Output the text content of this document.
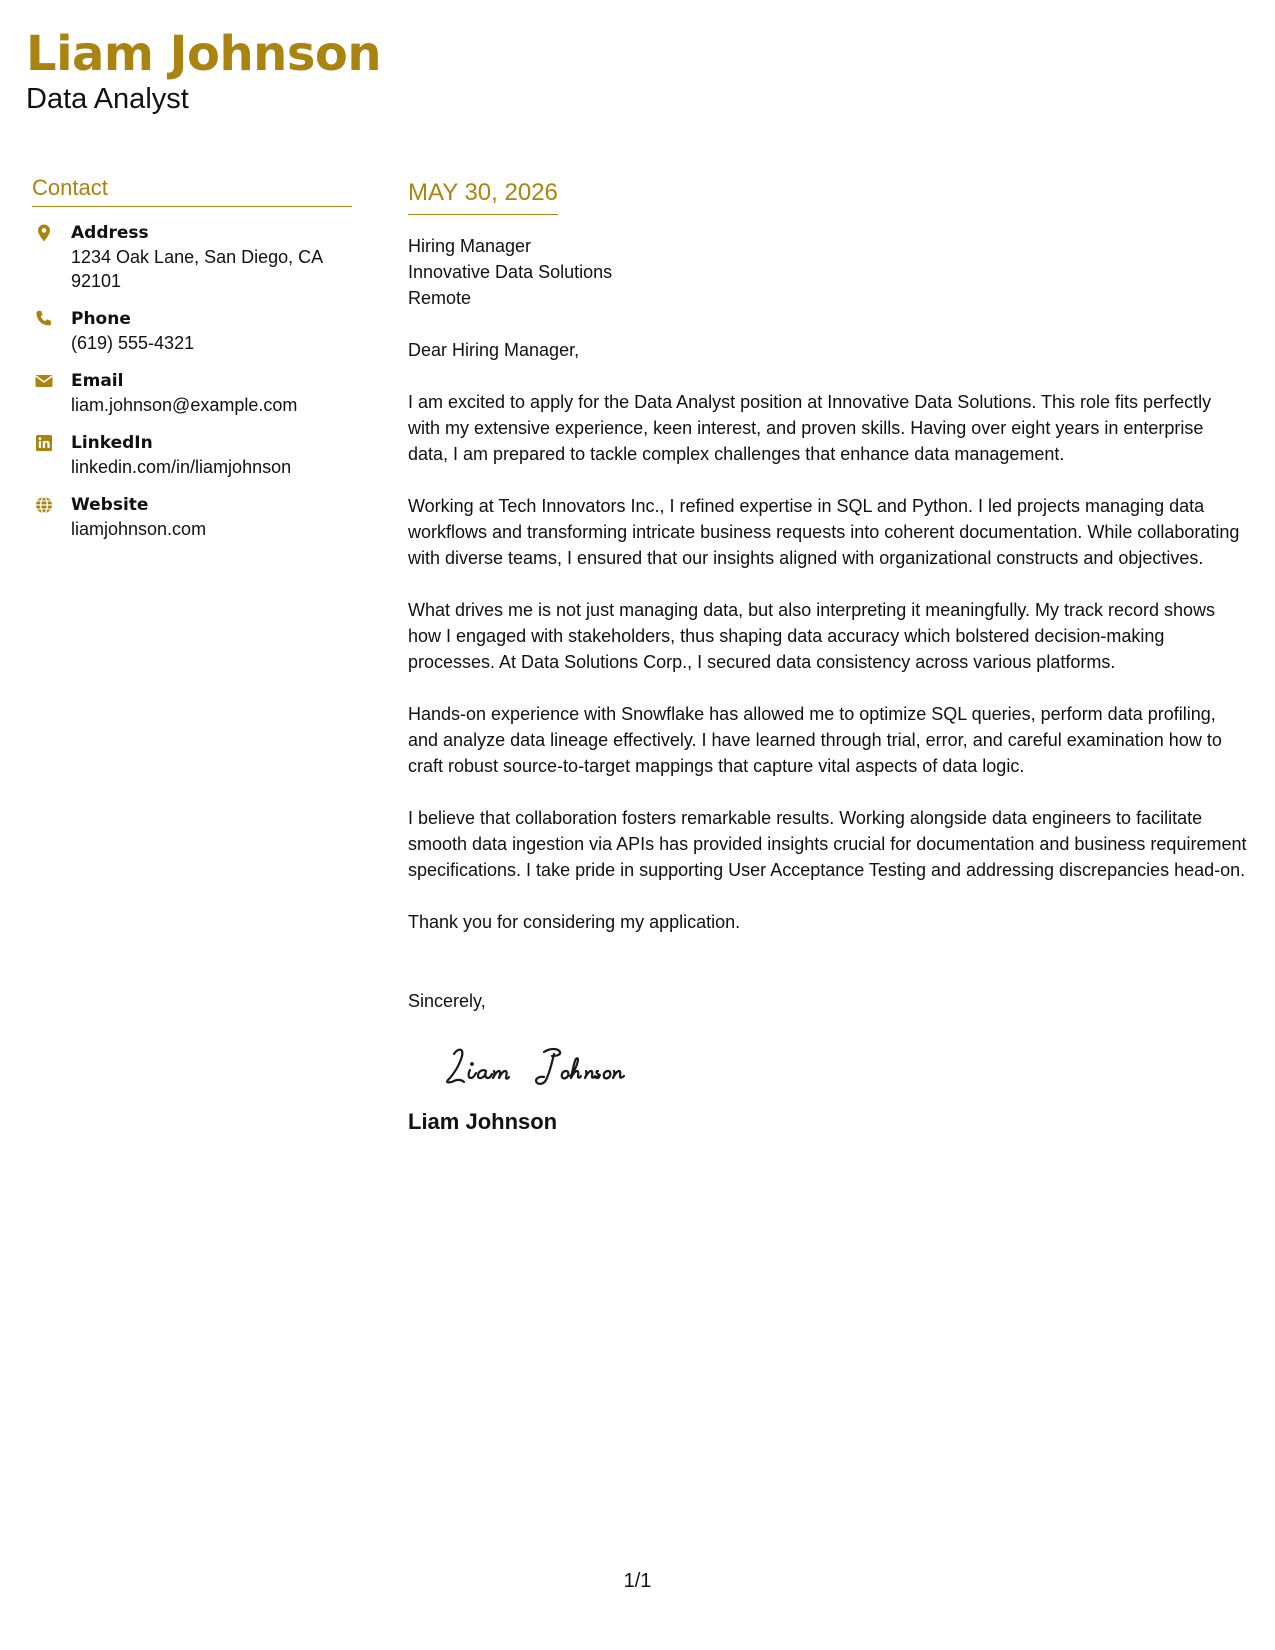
Liam Johnson
Data Analyst
Contact
Address
1234 Oak Lane, San Diego, CA
92101
Phone
(619) 555-4321
Email
liam.johnson@example.com
LinkedIn
linkedin.com/in/liamjohnson
Website
liamjohnson.com
MAY 30, 2026
Hiring Manager
Innovative Data Solutions
Remote
Dear Hiring Manager,
I am excited to apply for the Data Analyst position at Innovative Data Solutions. This role fits perfectly with my extensive experience, keen interest, and proven skills. Having over eight years in enterprise data, I am prepared to tackle complex challenges that enhance data management.
Working at Tech Innovators Inc., I refined expertise in SQL and Python. I led projects managing data workflows and transforming intricate business requests into coherent documentation. While collaborating with diverse teams, I ensured that our insights aligned with organizational constructs and objectives.
What drives me is not just managing data, but also interpreting it meaningfully. My track record shows how I engaged with stakeholders, thus shaping data accuracy which bolstered decision-making processes. At Data Solutions Corp., I secured data consistency across various platforms.
Hands-on experience with Snowflake has allowed me to optimize SQL queries, perform data profiling, and analyze data lineage effectively. I have learned through trial, error, and careful examination how to craft robust source-to-target mappings that capture vital aspects of data logic.
I believe that collaboration fosters remarkable results. Working alongside data engineers to facilitate smooth data ingestion via APIs has provided insights crucial for documentation and business requirement specifications. I take pride in supporting User Acceptance Testing and addressing discrepancies head-on.
Thank you for considering my application.
Sincerely,
Liam Johnson
1/1
